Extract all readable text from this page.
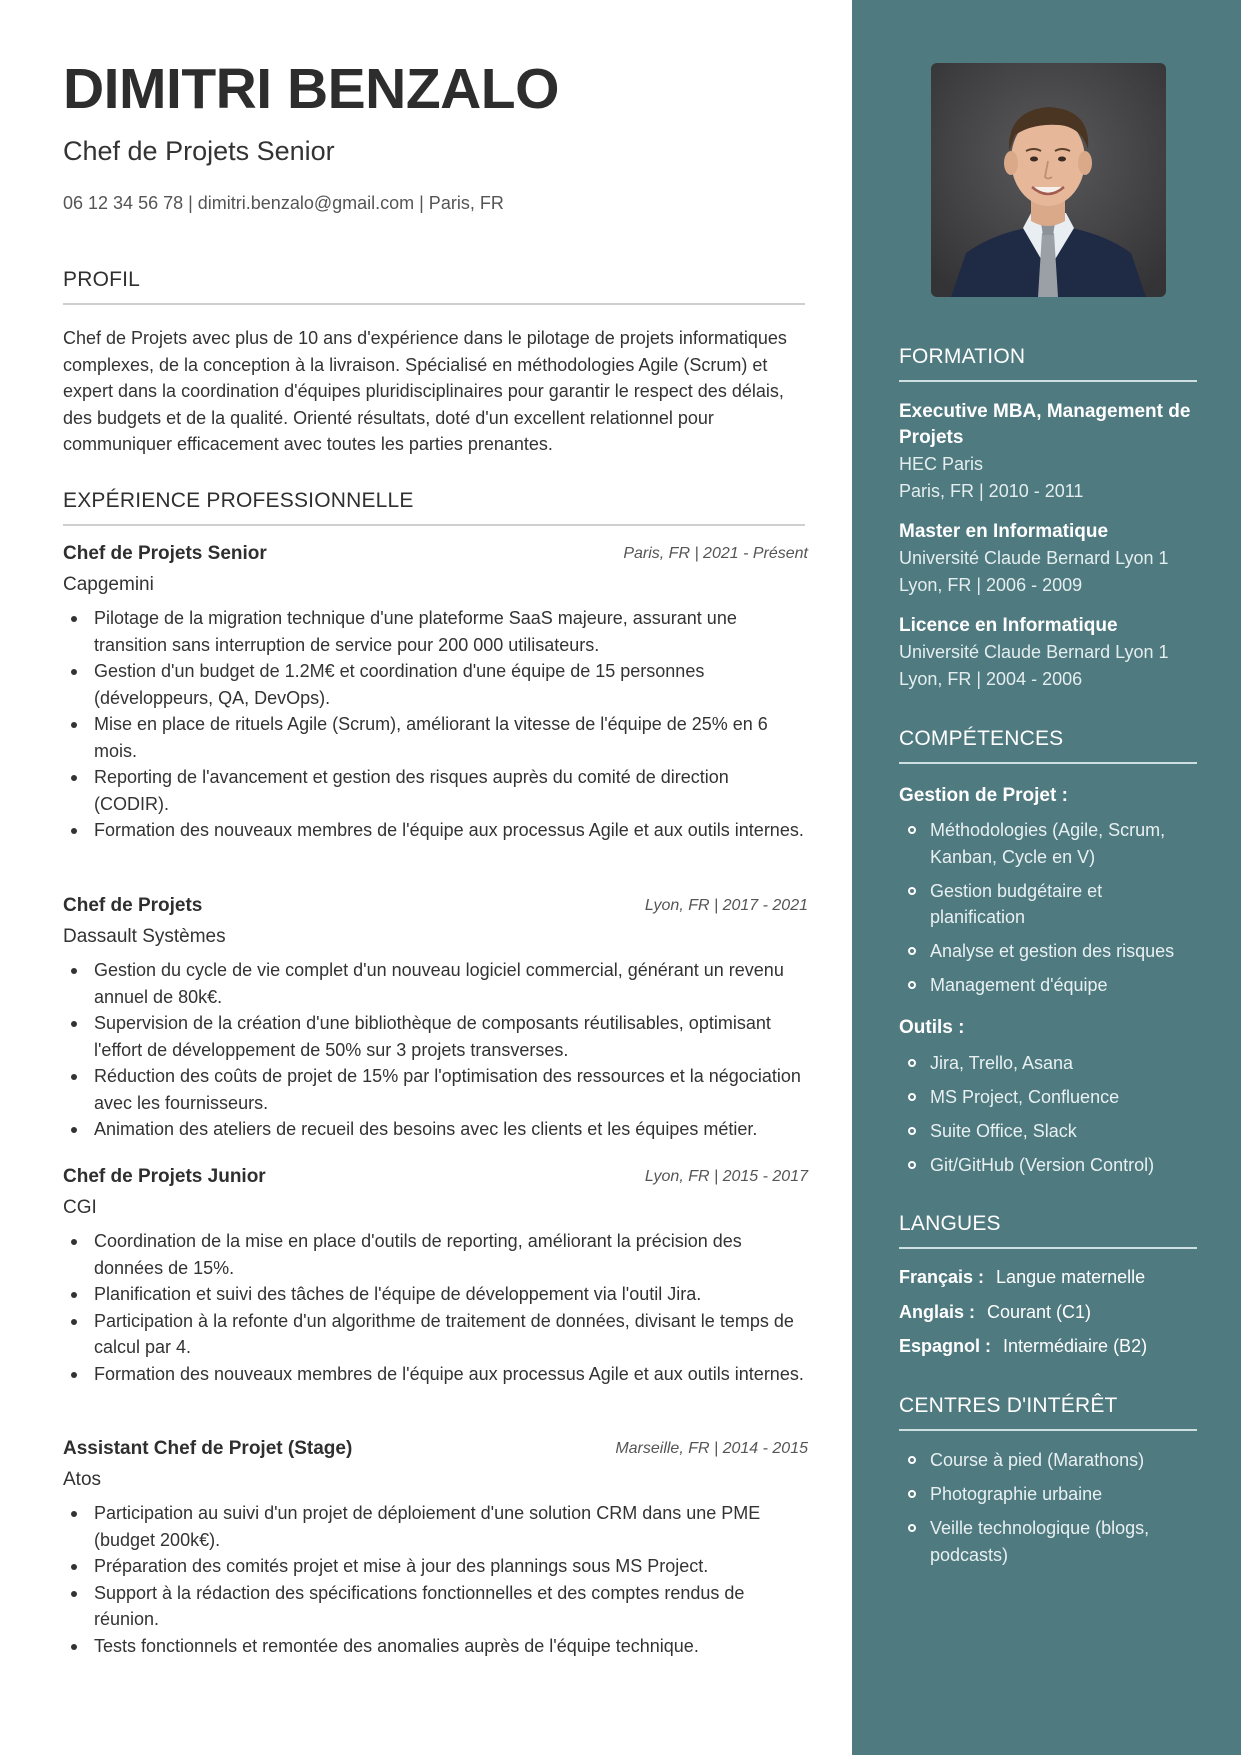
DIMITRI BENZALO
Chef de Projets Senior
06 12 34 56 78 | dimitri.benzalo@gmail.com | Paris, FR
PROFIL

Chef de Projets avec plus de 10 ans d'expérience dans le pilotage de projets informatiques complexes, de la conception à la livraison. Spécialisé en méthodologies Agile (Scrum) et expert dans la coordination d'équipes pluridisciplinaires pour garantir le respect des délais, des budgets et de la qualité. Orienté résultats, doté d'un excellent relationnel pour communiquer efficacement avec toutes les parties prenantes.

EXPÉRIENCE PROFESSIONNELLE
Chef de Projets Senior	Paris, FR | 2021 - Présent
Capgemini
Pilotage de la migration technique d'une plateforme SaaS majeure, assurant une transition sans interruption de service pour 200 000 utilisateurs.
Gestion d'un budget de 1.2M€ et coordination d'une équipe de 15 personnes (développeurs, QA, DevOps).
Mise en place de rituels Agile (Scrum), améliorant la vitesse de l'équipe de 25% en 6 mois.
Reporting de l'avancement et gestion des risques auprès du comité de direction (CODIR).
Formation des nouveaux membres de l'équipe aux processus Agile et aux outils internes.
Chef de Projets	Lyon, FR | 2017 - 2021
Dassault Systèmes
Gestion du cycle de vie complet d'un nouveau logiciel commercial, générant un revenu annuel de 80k€.
Supervision de la création d'une bibliothèque de composants réutilisables, optimisant l'effort de développement de 50% sur 3 projets transverses.
Réduction des coûts de projet de 15% par l'optimisation des ressources et la négociation avec les fournisseurs.
Animation des ateliers de recueil des besoins avec les clients et les équipes métier.
Chef de Projets Junior	Lyon, FR | 2015 - 2017
CGI
Coordination de la mise en place d'outils de reporting, améliorant la précision des données de 15%.
Planification et suivi des tâches de l'équipe de développement via l'outil Jira.
Participation à la refonte d'un algorithme de traitement de données, divisant le temps de calcul par 4.
Formation des nouveaux membres de l'équipe aux processus Agile et aux outils internes.
Assistant Chef de Projet (Stage)	Marseille, FR | 2014 - 2015
Atos
Participation au suivi d'un projet de déploiement d'une solution CRM dans une PME (budget 200k€).
Préparation des comités projet et mise à jour des plannings sous MS Project.
Support à la rédaction des spécifications fonctionnelles et des comptes rendus de réunion.
Tests fonctionnels et remontée des anomalies auprès de l'équipe technique.
FORMATION
Executive MBA, Management de Projets
HEC Paris
Paris, FR | 2010 - 2011
Master en Informatique
Université Claude Bernard Lyon 1
Lyon, FR | 2006 - 2009
Licence en Informatique
Université Claude Bernard Lyon 1
Lyon, FR | 2004 - 2006
COMPÉTENCES
Gestion de Projet :
Méthodologies (Agile, Scrum, Kanban, Cycle en V)
Gestion budgétaire et planification
Analyse et gestion des risques
Management d'équipe
Outils :
Jira, Trello, Asana
MS Project, Confluence
Suite Office, Slack
Git/GitHub (Version Control)
LANGUES
Français : Langue maternelle
Anglais : Courant (C1)
Espagnol : Intermédiaire (B2)
CENTRES D'INTÉRÊT
Course à pied (Marathons)
Photographie urbaine
Veille technologique (blogs, podcasts)
